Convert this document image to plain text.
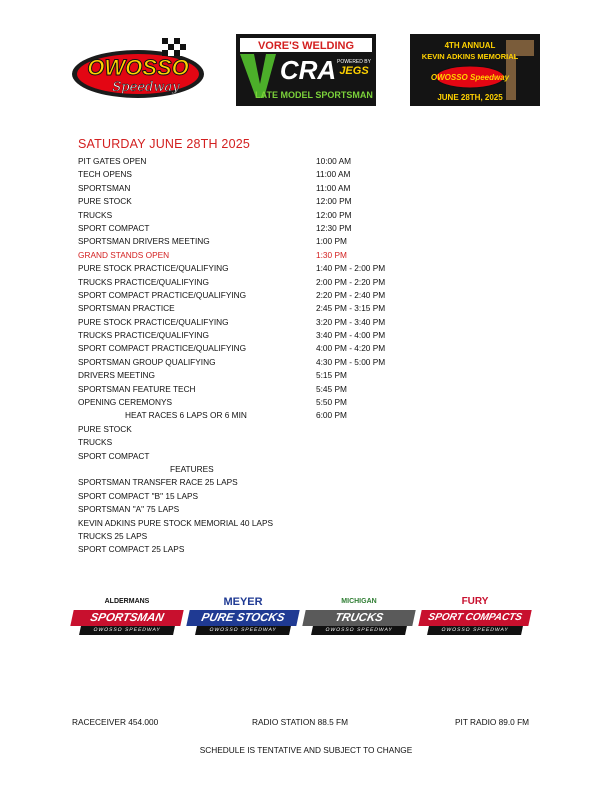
OWOSSO
Speedway
VORE'S WELDING
CRA POWERED BY
JEGS
LATE MODEL SPORTSMAN
4TH ANNUAL
KEVIN ADKINS MEMORIAL
OWOSSO Speedway
JUNE 28TH, 2025
SATURDAY JUNE 28TH 2025
PIT GATES OPEN	10:00 AM
TECH OPENS	11:00 AM
SPORTSMAN	11:00 AM
PURE STOCK	12:00 PM
TRUCKS	12:00 PM
SPORT COMPACT	12:30 PM
SPORTSMAN DRIVERS MEETING	1:00 PM
GRAND STANDS OPEN	1:30 PM
PURE STOCK PRACTICE/QUALIFYING	1:40 PM - 2:00 PM
TRUCKS PRACTICE/QUALIFYING	2:00 PM - 2:20 PM
SPORT COMPACT PRACTICE/QUALIFYING	2:20 PM - 2:40 PM
SPORTSMAN PRACTICE	2:45 PM - 3:15 PM
PURE STOCK PRACTICE/QUALIFYING	3:20 PM - 3:40 PM
TRUCKS PRACTICE/QUALIFYING	3:40 PM - 4:00 PM
SPORT COMPACT PRACTICE/QUALIFYING	4:00 PM - 4:20 PM
SPORTSMAN GROUP QUALIFYING	4:30 PM - 5:00 PM
DRIVERS MEETING	5:15 PM
SPORTSMAN FEATURE TECH	5:45 PM
OPENING CEREMONYS	5:50 PM
HEAT RACES 6 LAPS OR 6 MIN	6:00 PM
PURE STOCK
TRUCKS
SPORT COMPACT
FEATURES
SPORTSMAN TRANSFER RACE 25 LAPS
SPORT COMPACT "B" 15 LAPS
SPORTSMAN "A" 75 LAPS
KEVIN ADKINS PURE STOCK MEMORIAL 40 LAPS
TRUCKS 25 LAPS
SPORT COMPACT 25 LAPS
ALDERMANS
SPORTSMAN
OWOSSO SPEEDWAY
MEYER
PURE STOCKS
OWOSSO SPEEDWAY
MICHIGAN
TRUCKS
OWOSSO SPEEDWAY
FURY
SPORT COMPACTS
OWOSSO SPEEDWAY
RACECEIVER 454.000	RADIO STATION 88.5 FM	PIT RADIO 89.0 FM
SCHEDULE IS TENTATIVE AND SUBJECT TO CHANGE
